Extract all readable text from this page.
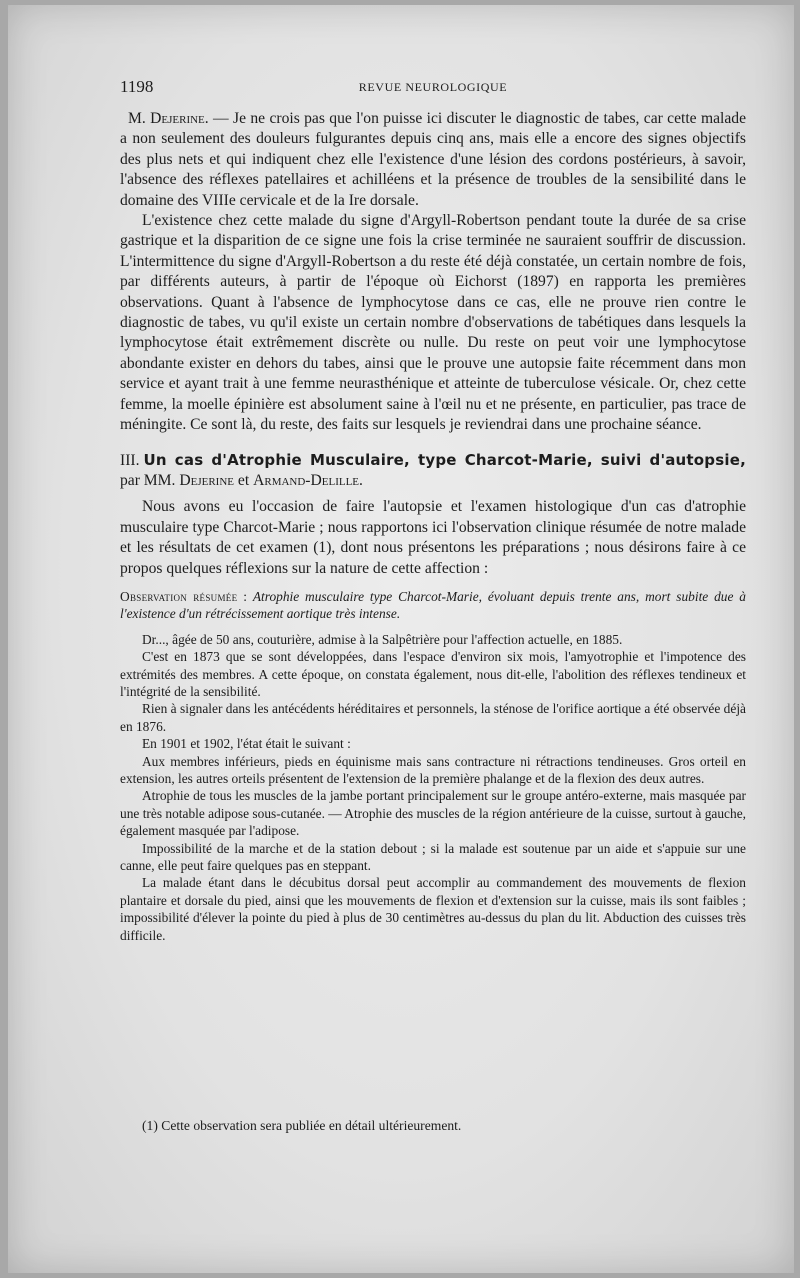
1198	REVUE NEUROLOGIQUE

M. Dejerine. — Je ne crois pas que l'on puisse ici discuter le diagnostic de tabes, car cette malade a non seulement des douleurs fulgurantes depuis cinq ans, mais elle a encore des signes objectifs des plus nets et qui indiquent chez elle l'existence d'une lésion des cordons postérieurs, à savoir, l'absence des réflexes patellaires et achilléens et la présence de troubles de la sensibilité dans le domaine des VIIIe cervicale et de la Ire dorsale.

L'existence chez cette malade du signe d'Argyll-Robertson pendant toute la durée de sa crise gastrique et la disparition de ce signe une fois la crise terminée ne sauraient souffrir de discussion. L'intermittence du signe d'Argyll-Robertson a du reste été déjà constatée, un certain nombre de fois, par différents auteurs, à partir de l'époque où Eichorst (1897) en rapporta les premières observations. Quant à l'absence de lymphocytose dans ce cas, elle ne prouve rien contre le diagnostic de tabes, vu qu'il existe un certain nombre d'observations de tabétiques dans lesquels la lymphocytose était extrêmement discrète ou nulle. Du reste on peut voir une lymphocytose abondante exister en dehors du tabes, ainsi que le prouve une autopsie faite récemment dans mon service et ayant trait à une femme neurasthénique et atteinte de tuberculose vésicale. Or, chez cette femme, la moelle épinière est absolument saine à l'œil nu et ne présente, en particulier, pas trace de méningite. Ce sont là, du reste, des faits sur lesquels je reviendrai dans une prochaine séance.

III. Un cas d'Atrophie Musculaire, type Charcot-Marie, suivi d'autopsie, par MM. Dejerine et Armand-Delille.

Nous avons eu l'occasion de faire l'autopsie et l'examen histologique d'un cas d'atrophie musculaire type Charcot-Marie ; nous rapportons ici l'observation clinique résumée de notre malade et les résultats de cet examen (1), dont nous présentons les préparations ; nous désirons faire à ce propos quelques réflexions sur la nature de cette affection :

Observation résumée : Atrophie musculaire type Charcot-Marie, évoluant depuis trente ans, mort subite due à l'existence d'un rétrécissement aortique très intense.

Dr..., âgée de 50 ans, couturière, admise à la Salpêtrière pour l'affection actuelle, en 1885.

C'est en 1873 que se sont développées, dans l'espace d'environ six mois, l'amyotrophie et l'impotence des extrémités des membres. A cette époque, on constata également, nous dit-elle, l'abolition des réflexes tendineux et l'intégrité de la sensibilité.

Rien à signaler dans les antécédents héréditaires et personnels, la sténose de l'orifice aortique a été observée déjà en 1876.

En 1901 et 1902, l'état était le suivant :

Aux membres inférieurs, pieds en équinisme mais sans contracture ni rétractions tendineuses. Gros orteil en extension, les autres orteils présentent de l'extension de la première phalange et de la flexion des deux autres.

Atrophie de tous les muscles de la jambe portant principalement sur le groupe antéro-externe, mais masquée par une très notable adipose sous-cutanée. — Atrophie des muscles de la région antérieure de la cuisse, surtout à gauche, également masquée par l'adipose.

Impossibilité de la marche et de la station debout ; si la malade est soutenue par un aide et s'appuie sur une canne, elle peut faire quelques pas en steppant.

La malade étant dans le décubitus dorsal peut accomplir au commandement des mouvements de flexion plantaire et dorsale du pied, ainsi que les mouvements de flexion et d'extension sur la cuisse, mais ils sont faibles ; impossibilité d'élever la pointe du pied à plus de 30 centimètres au-dessus du plan du lit. Abduction des cuisses très difficile.

(1) Cette observation sera publiée en détail ultérieurement.
